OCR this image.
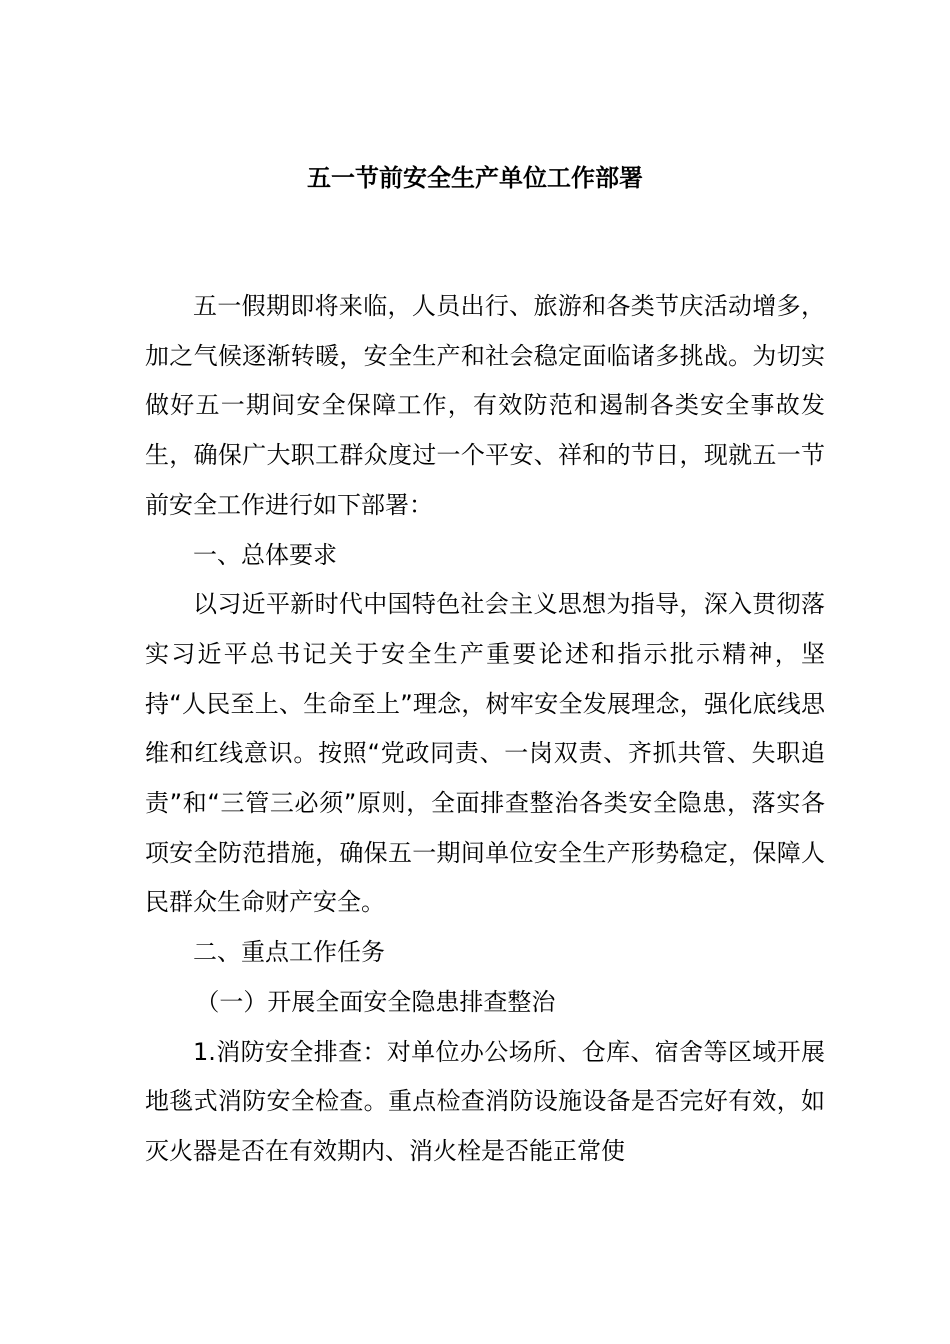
五一节前安全生产单位工作部署

五一假期即将来临，人员出行、旅游和各类节庆活动增多，加之气候逐渐转暖，安全生产和社会稳定面临诸多挑战。为切实做好五一期间安全保障工作，有效防范和遏制各类安全事故发生，确保广大职工群众度过一个平安、祥和的节日，现就五一节前安全工作进行如下部署：

一、总体要求

以习近平新时代中国特色社会主义思想为指导，深入贯彻落实习近平总书记关于安全生产重要论述和指示批示精神，坚持“人民至上、生命至上”理念，树牢安全发展理念，强化底线思维和红线意识。按照“党政同责、一岗双责、齐抓共管、失职追责”和“三管三必须”原则，全面排查整治各类安全隐患，落实各项安全防范措施，确保五一期间单位安全生产形势稳定，保障人民群众生命财产安全。

二、重点工作任务

（一）开展全面安全隐患排查整治

1.消防安全排查：对单位办公场所、仓库、宿舍等区域开展地毯式消防安全检查。重点检查消防设施设备是否完好有效，如灭火器是否在有效期内、消火栓是否能正常使
